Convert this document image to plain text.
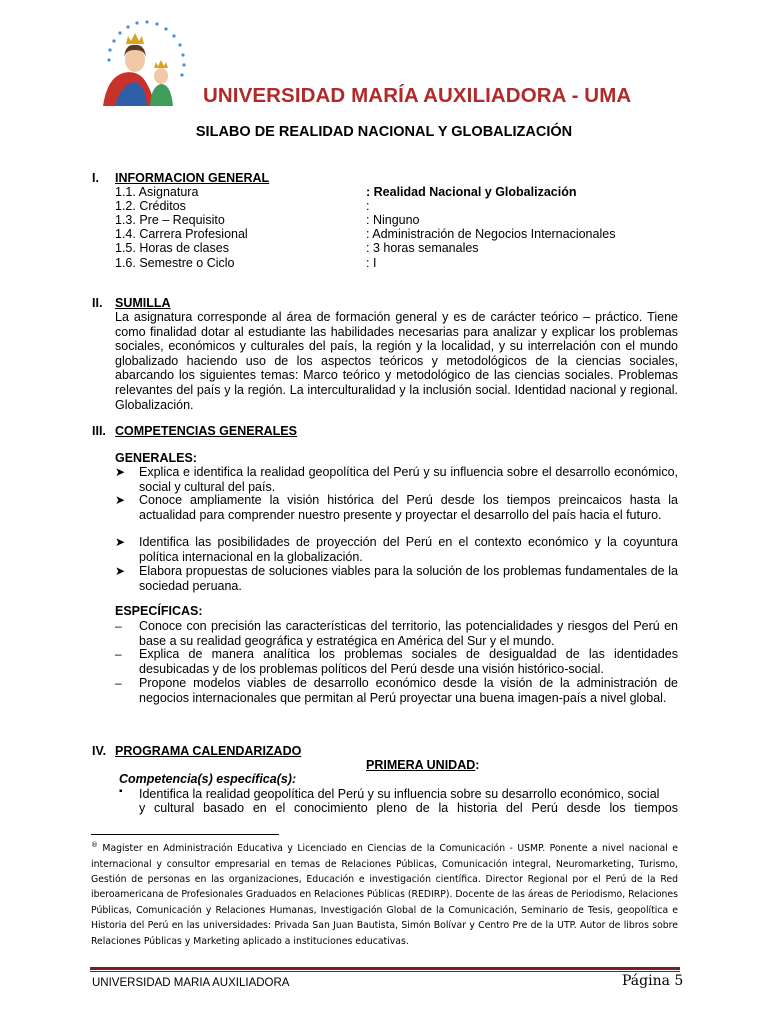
UNIVERSIDAD MARÍA AUXILIADORA - UMA
SILABO DE REALIDAD NACIONAL Y GLOBALIZACIÓN
I. INFORMACION GENERAL
1.1. Asignatura	: Realidad Nacional y Globalización
1.2. Créditos	:
1.3. Pre – Requisito	: Ninguno
1.4. Carrera Profesional	: Administración de Negocios Internacionales
1.5. Horas de clases	: 3 horas semanales
1.6. Semestre o Ciclo	: I
II. SUMILLA
La asignatura corresponde al área de formación general y es de carácter teórico – práctico. Tiene como finalidad dotar al estudiante las habilidades necesarias para analizar y explicar los problemas sociales, económicos y culturales del país, la región y la localidad, y su interrelación con el mundo globalizado haciendo uso de los aspectos teóricos y metodológicos de la ciencias sociales, abarcando los siguientes temas: Marco teórico y metodológico de las ciencias sociales. Problemas relevantes del país y la región. La interculturalidad y la inclusión social. Identidad nacional y regional. Globalización.
III. COMPETENCIAS GENERALES
GENERALES:
➤ Explica e identifica la realidad geopolítica del Perú y su influencia sobre el desarrollo económico, social y cultural del país.
➤ Conoce ampliamente la visión histórica del Perú desde los tiempos preincaicos hasta la actualidad para comprender nuestro presente y proyectar el desarrollo del país hacia el futuro.
➤ Identifica las posibilidades de proyección del Perú en el contexto económico y la coyuntura política internacional en la globalización.
➤ Elabora propuestas de soluciones viables para la solución de los problemas fundamentales de la sociedad peruana.
ESPECÍFICAS:
– Conoce con precisión las características del territorio, las potencialidades y riesgos del Perú en base a su realidad geográfica y estratégica en América del Sur y el mundo.
– Explica de manera analítica los problemas sociales de desigualdad de las identidades desubicadas y de los problemas políticos del Perú desde una visión histórico-social.
– Propone modelos viables de desarrollo económico desde la visión de la administración de negocios internacionales que permitan al Perú proyectar una buena imagen-país a nivel global.
IV. PROGRAMA CALENDARIZADO
PRIMERA UNIDAD:
Competencia(s) específica(s):
▪ Identifica la realidad geopolítica del Perú y su influencia sobre su desarrollo económico, social
y cultural basado en el conocimiento pleno de la historia del Perú desde los tiempos
® Magister en Administración Educativa y Licenciado en Ciencias de la Comunicación - USMP. Ponente a nivel nacional e internacional y consultor empresarial en temas de Relaciones Públicas, Comunicación integral, Neuromarketing, Turismo, Gestión de personas en las organizaciones, Educación e investigación científica. Director Regional por el Perú de la Red iberoamericana de Profesionales Graduados en Relaciones Públicas (REDIRP). Docente de las áreas de Periodismo, Relaciones Públicas, Comunicación y Relaciones Humanas, Investigación Global de la Comunicación, Seminario de Tesis, geopolítica e Historia del Perú en las universidades: Privada San Juan Bautista, Simón Bolívar y Centro Pre de la UTP. Autor de libros sobre Relaciones Públicas y Marketing aplicado a instituciones educativas.
UNIVERSIDAD MARIA AUXILIADORA	Página 5
